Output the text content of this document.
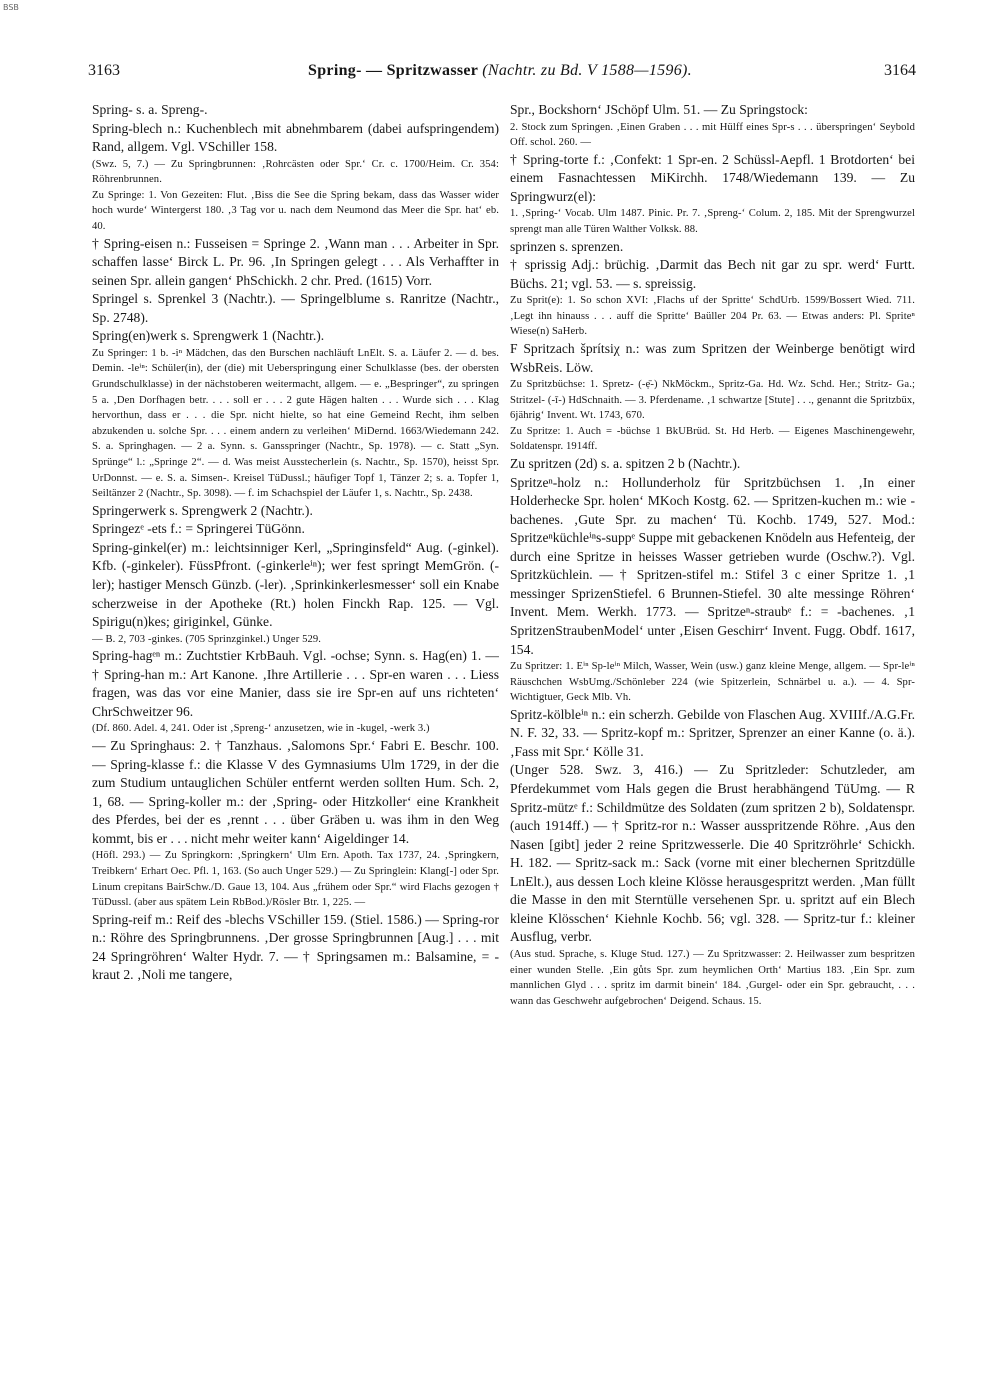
BSB
3163	Spring- — Spritzwasser (Nachtr. zu Bd. V 1588—1596).	3164

Spring- s. a. Spreng-.

Spring-blech n.: Kuchenblech mit abnehmbarem (dabei aufspringendem) Rand, allgem. Vgl. VSchiller 158.

(Swz. 5, 7.) — Zu Springbrunnen: ‚Rohrcästen oder Spr.‘ Cr. c. 1700/Heim. Cr. 354: Röhrenbrunnen.

Zu Springe: 1. Von Gezeiten: Flut. ‚Biss die See die Spring bekam, dass das Wasser wider hoch wurde‘ Wintergerst 180. ‚3 Tag vor u. nach dem Neumond das Meer die Spr. hat‘ eb. 40.

† Spring-eisen n.: Fusseisen = Springe 2. ‚Wann man . . . Arbeiter in Spr. schaffen lasse‘ Birck L. Pr. 96. ‚In Springen gelegt . . . Als Verhaffter in seinen Spr. allein gangen‘ PhSchickh. 2 chr. Pred. (1615) Vorr.

Springel s. Sprenkel 3 (Nachtr.). — Springelblume s. Ranritze (Nachtr., Sp. 2748).

Spring(en)werk s. Sprengwerk 1 (Nachtr.).

Zu Springer: 1 b. -iⁿ Mädchen, das den Burschen nachläuft LnElt. S. a. Läufer 2. — d. bes. Demin. -leⁱⁿ: Schüler(in), der (die) mit Ueberspringung einer Schulklasse (bes. der obersten Grundschulklasse) in der nächstoberen weitermacht, allgem. — e. „Bespringer“, zu springen 5 a. ‚Den Dorfhagen betr. . . . soll er . . . 2 gute Hägen halten . . . Wurde sich . . . Klag hervorthun, dass er . . . die Spr. nicht hielte, so hat eine Gemeind Recht, ihm selben abzukenden u. solche Spr. . . . einem andern zu verleihen‘ MiDernd. 1663/Wiedemann 242. S. a. Springhagen. — 2 a. Synn. s. Gansspringer (Nachtr., Sp. 1978). — c. Statt „Syn. Sprünge“ l.: „Springe 2“. — d. Was meist Ausstecherlein (s. Nachtr., Sp. 1570), heisst Spr. UrDonnst. — e. S. a. Simsen-. Kreisel TüDussl.; häufiger Topf 1, Tänzer 2; s. a. Topfer 1, Seiltänzer 2 (Nachtr., Sp. 3098). — f. im Schachspiel der Läufer 1, s. Nachtr., Sp. 2438.

Springerwerk s. Sprengwerk 2 (Nachtr.).

Springezᵉ -ets f.: = Springerei TüGönn.

Spring-ginkel(er) m.: leichtsinniger Kerl, „Springinsfeld“ Aug. (-ginkel). Kfb. (-ginkeler). FüssPfront. (-ginkerleⁱⁿ); wer fest springt MemGrön. (-ler); hastiger Mensch Günzb. (-ler). ‚Sprinkinkerlesmesser‘ soll ein Knabe scherzweise in der Apotheke (Rt.) holen Finckh Rap. 125. — Vgl. Spirigu(n)kes; giriginkel, Günke.

— B. 2, 703 -ginkes. (705 Sprinzginkel.) Unger 529.

Spring-hagᵉⁿ m.: Zuchtstier KrbBauh. Vgl. -ochse; Synn. s. Hag(en) 1. — † Spring-han m.: Art Kanone. ‚Ihre Artillerie . . . Spr-en waren . . . Liess fragen, was das vor eine Manier, dass sie ire Spr-en auf uns richteten‘ ChrSchweitzer 96.

(Df. 860. Adel. 4, 241. Oder ist ‚Spreng-‘ anzusetzen, wie in -kugel, -werk 3.)

— Zu Springhaus: 2. † Tanzhaus. ‚Salomons Spr.‘ Fabri E. Beschr. 100. — Spring-klasse f.: die Klasse V des Gymnasiums Ulm 1729, in der die zum Studium untauglichen Schüler entfernt werden sollten Hum. Sch. 2, 1, 68. — Spring-koller m.: der ‚Spring- oder Hitzkoller‘ eine Krankheit des Pferdes, bei der es ‚rennt . . . über Gräben u. was ihm in den Weg kommt, bis er . . . nicht mehr weiter kann‘ Aigeldinger 14.

(Höfl. 293.) — Zu Springkorn: ‚Springkern‘ Ulm Ern. Apoth. Tax 1737, 24. ‚Springkern, Treibkern‘ Erhart Oec. Pfl. 1, 163. (So auch Unger 529.) — Zu Springlein: Klang[-] oder Spr. Linum crepitans BairSchw./D. Gaue 13, 104. Aus „frühem oder Spr.“ wird Flachs gezogen † TüDussl. (aber aus spätem Lein RbBod.)/Rösler Btr. 1, 225. —

Spring-reif m.: Reif des -blechs VSchiller 159. (Stiel. 1586.) — Spring-ror n.: Röhre des Springbrunnens. ‚Der grosse Springbrunnen [Aug.] . . . mit 24 Springröhren‘ Walter Hydr. 7. — † Springsamen m.: Balsamine, = -kraut 2. ‚Noli me tangere,

Spr., Bockshorn‘ JSchöpf Ulm. 51. — Zu Springstock:

2. Stock zum Springen. ‚Einen Graben . . . mit Hülff eines Spr-s . . . überspringen‘ Seybold Off. schol. 260. —

† Spring-torte f.: ‚Confekt: 1 Spr-en. 2 Schüssl-Aepfl. 1 Brotdorten‘ bei einem Fasnachtessen MiKirchh. 1748/Wiedemann 139. — Zu Springwurz(el):

1. ‚Spring-‘ Vocab. Ulm 1487. Pinic. Pr. 7. ‚Spreng-‘ Colum. 2, 185. Mit der Sprengwurzel sprengt man alle Türen Walther Volksk. 88.

sprinzen s. sprenzen.

† sprissig Adj.: brüchig. ‚Darmit das Bech nit gar zu spr. werd‘ Furtt. Büchs. 21; vgl. 53. — s. spreissig.

Zu Sprit(e): 1. So schon XVI: ‚Flachs uf der Spritte‘ SchdUrb. 1599/Bossert Wied. 711. ‚Legt ihn hinauss . . . auff die Spritte‘ Baüller 204 Pr. 63. — Etwas anders: Pl. Spriteⁿ Wiese(n) SaHerb.

F Spritzach šprítsiχ n.: was zum Spritzen der Weinberge benötigt wird WsbReis. Löw.

Zu Spritzbüchse: 1. Spretz- (-ẹ̄-) NkMöckm., Spritz-Ga. Hd. Wz. Schd. Her.; Stritz- Ga.; Stritzel- (-ī-) HdSchnaith. — 3. Pferdename. ‚1 schwartze [Stute] . . ., genannt die Spritzbüx, 6jährig‘ Invent. Wt. 1743, 670.

Zu Spritze: 1. Auch = -büchse 1 BkUBrüd. St. Hd Herb. — Eigenes Maschinengewehr, Soldatenspr. 1914ff.

Zu spritzen (2d) s. a. spitzen 2 b (Nachtr.).

Spritzeⁿ-holz n.: Hollunderholz für Spritzbüchsen 1. ‚In einer Holderhecke Spr. holen‘ MKoch Kostg. 62. — Spritzen-kuchen m.: wie -bachenes. ‚Gute Spr. zu machen‘ Tü. Kochb. 1749, 527. Mod.: Spritzeⁿküchleⁱⁿs-suppᵉ Suppe mit gebackenen Knödeln aus Hefenteig, der durch eine Spritze in heisses Wasser getrieben wurde (Oschw.?). Vgl. Spritzküchlein. — † Spritzen-stifel m.: Stifel 3 c einer Spritze 1. ‚1 messinger SprizenStiefel. 6 Brunnen-Stiefel. 30 alte messinge Röhren‘ Invent. Mem. Werkh. 1773. — Spritzeⁿ-straubᵉ f.: = -bachenes. ‚1 SpritzenStraubenModel‘ unter ‚Eisen Geschirr‘ Invent. Fugg. Obdf. 1617, 154.

Zu Spritzer: 1. Eⁱⁿ Sp-leⁱⁿ Milch, Wasser, Wein (usw.) ganz kleine Menge, allgem. — Spr-leⁱⁿ Räuschchen WsbUmg./Schönleber 224 (wie Spitzerlein, Schnärbel u. a.). — 4. Spr-Wichtigtuer, Geck Mlb. Vh.

Spritz-kölbleⁱⁿ n.: ein scherzh. Gebilde von Flaschen Aug. XVIIIf./A.G.Fr. N. F. 32, 33. — Spritz-kopf m.: Spritzer, Sprenzer an einer Kanne (o. ä.). ‚Fass mit Spr.‘ Kölle 31.

(Unger 528. Swz. 3, 416.) — Zu Spritzleder: Schutzleder, am Pferdekummet vom Hals gegen die Brust herabhängend TüUmg. — R Spritz-mützᵉ f.: Schildmütze des Soldaten (zum spritzen 2 b), Soldatenspr. (auch 1914ff.) — † Spritz-ror n.: Wasser ausspritzende Röhre. ‚Aus den Nasen [gibt] jeder 2 reine Spritzwesserle. Die 40 Spritzröhrle‘ Schickh. H. 182. — Spritz-sack m.: Sack (vorne mit einer blechernen Spritzdülle LnElt.), aus dessen Loch kleine Klösse herausgespritzt werden. ‚Man füllt die Masse in den mit Sterntülle versehenen Spr. u. spritzt auf ein Blech kleine Klösschen‘ Kiehnle Kochb. 56; vgl. 328. — Spritz-tur f.: kleiner Ausflug, verbr.

(Aus stud. Sprache, s. Kluge Stud. 127.) — Zu Spritzwasser: 2. Heilwasser zum bespritzen einer wunden Stelle. ‚Ein gůts Spr. zum heymlichen Orth‘ Martius 183. ‚Ein Spr. zum mannlichen Glyd . . . spritz im darmit binein‘ 184. ‚Gurgel- oder ein Spr. gebraucht, . . . wann das Geschwehr aufgebrochen‘ Deigend. Schaus. 15.
